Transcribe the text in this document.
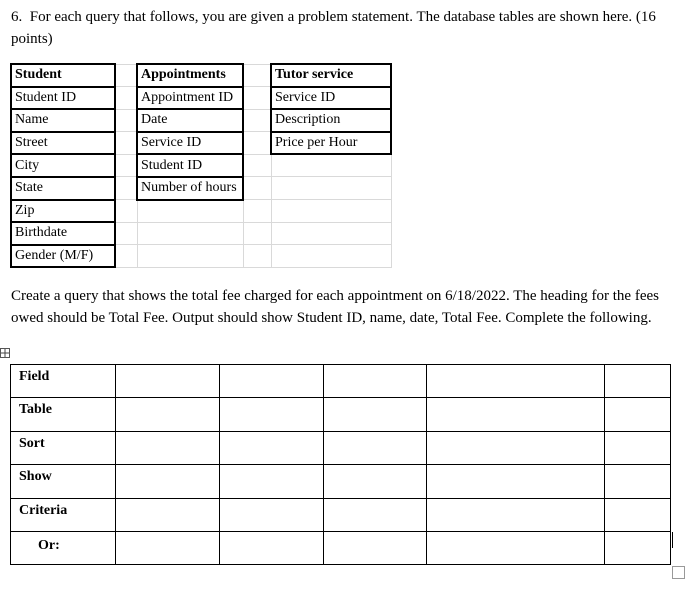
6. For each query that follows, you are given a problem statement. The database tables are shown here. (16 points)

Student		Appointments		Tutor service
Student ID		Appointment ID		Service ID
Name		Date		Description
Street		Service ID		Price per Hour
City		Student ID		
State		Number of hours		
Zip				
Birthdate				
Gender (M/F)				

Create a query that shows the total fee charged for each appointment on 6/18/2022. The heading for the fees owed should be Total Fee. Output should show Student ID, name, date, Total Fee. Complete the following.

Field					
Table					
Sort					
Show					
Criteria					
Or:					
